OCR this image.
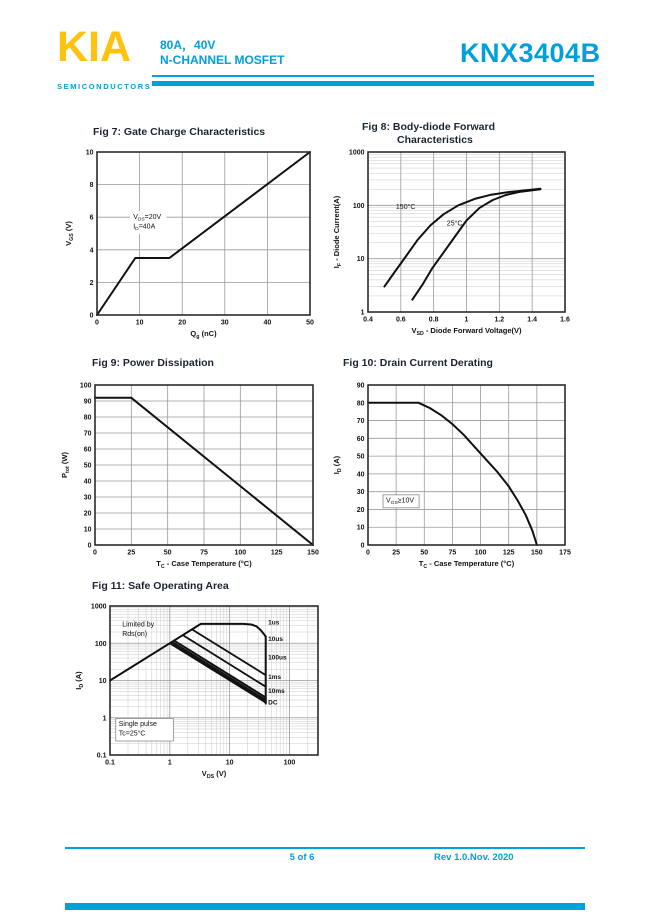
KIA
SEMICONDUCTORS
80A，40V
N-CHANNEL MOSFET	KNX3404B
Fig 7: Gate Charge Characteristics	Fig 8: Body-diode Forward
Characteristics
Fig 9: Power Dissipation	Fig 10: Drain Current Derating
Fig 11: Safe Operating Area
0	10	20	30	40	50
0
2
4
6
8
10
$Q_g$ (nC)
$V_{GS}$ (V)
$V_{DS}=20V$
$I_D=40A$
0.4	0.6	0.8	1	1.2	1.4	1.6
1
10
100
1000
$V_{SD}$ - Diode Forward Voltage(V)
$I_F$ - Diode Current(A)	150°C
25°C
0	25	50	75	100	125	150
0
10
20
30
40
50
60
70
80
90
100
$T_C$ - Case Temperature (°C)
$P_{tot}$ (W)
0	25	50	75	100 125 150 175
0
10
20
30
40
50
60
70
80
90
$T_C$ - Case Temperature (°C)
$I_D$ (A)
$V_{GS}\ge 10V$
0.1	1	10	100
0.1
1
10
100
1000
$V_{DS}$ (V)
$I_D$ (A)
Limited by
Rds(on)
Single pulse
Tc=25°C
1us
10us
100us
1ms
10ms
DC
5 of 6	Rev 1.0.Nov. 2020
